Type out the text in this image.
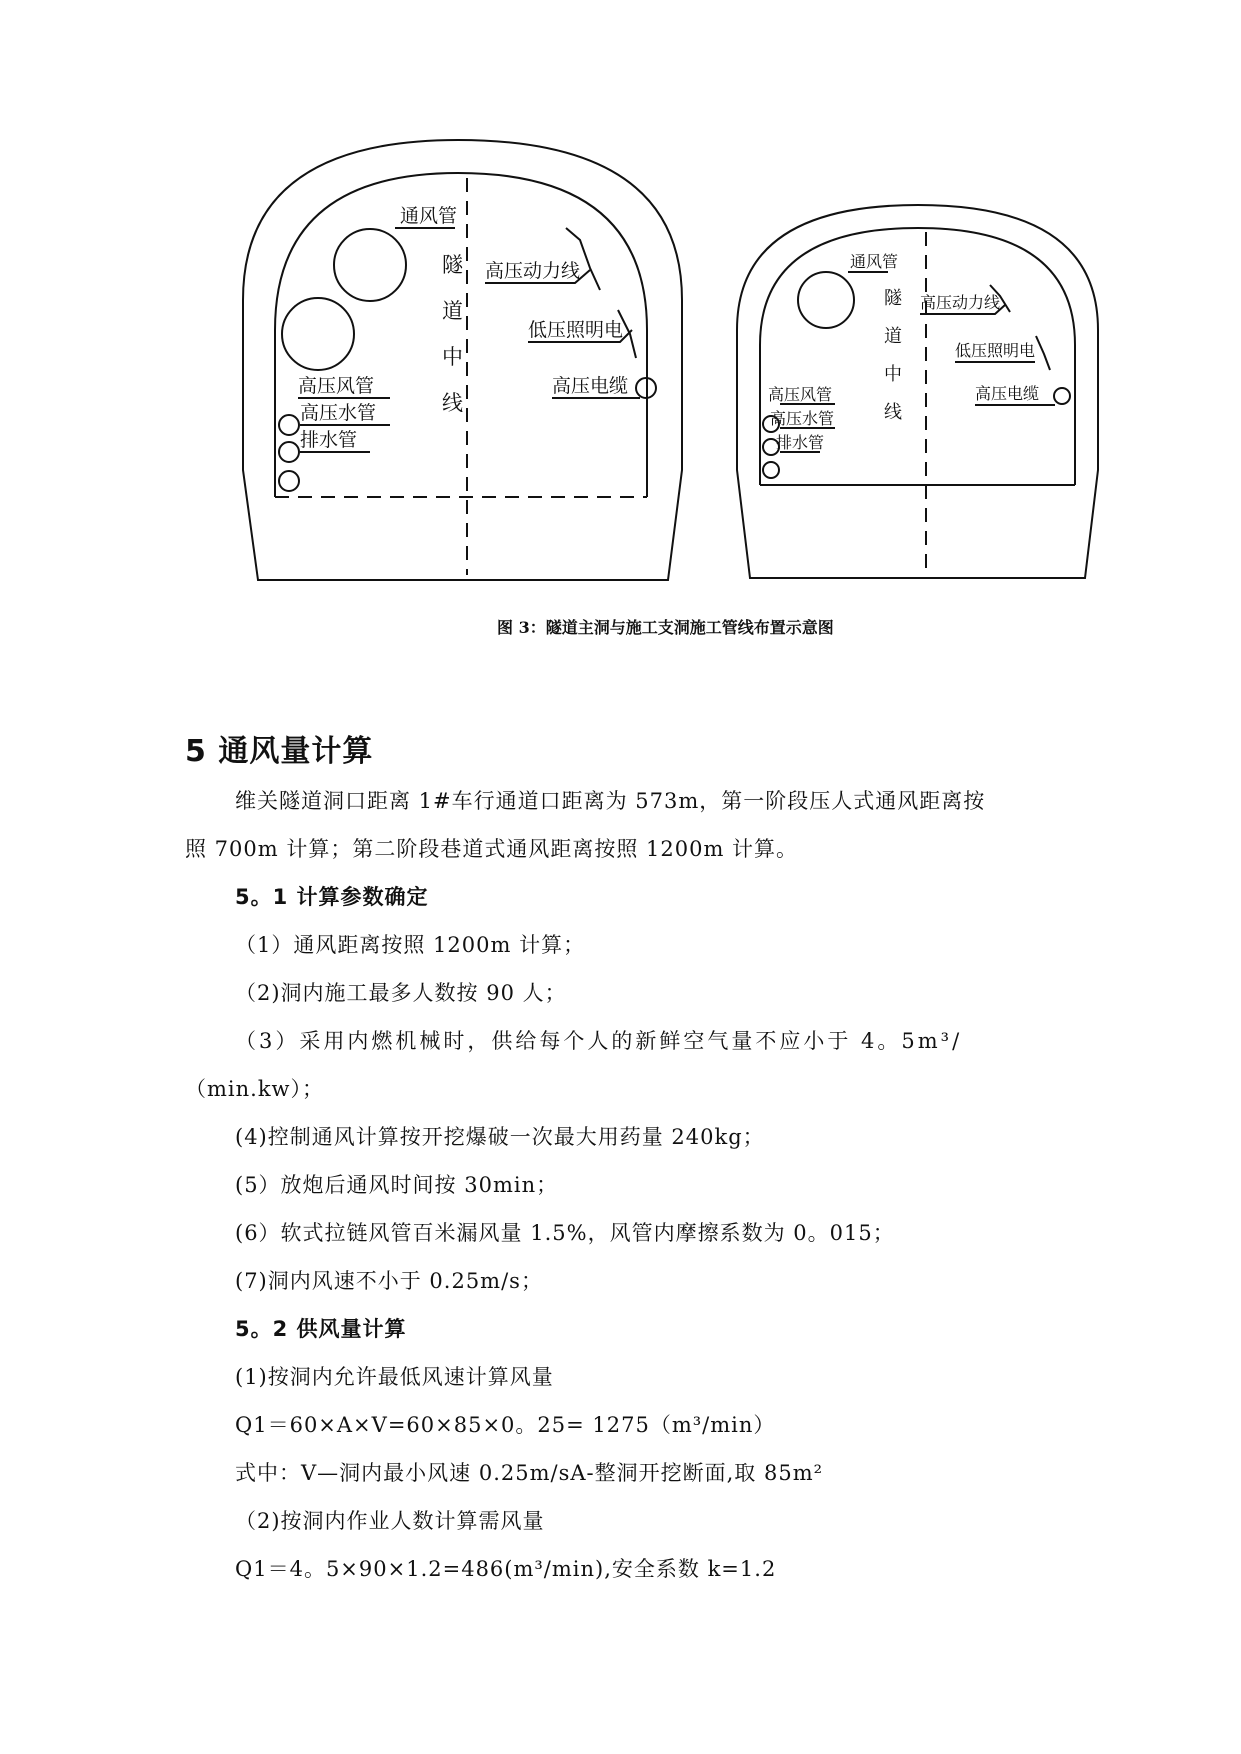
通风管
隧
道
中
线
高压动力线
低压照明电
高压电缆
高压风管
高压水管
排水管
通风管
隧
道
中
线
高压动力线
低压照明电
高压电缆
高压风管
高压水管
排水管
图 3：隧道主洞与施工支洞施工管线布置示意图
5 通风量计算
维关隧道洞口距离 1#车行通道口距离为 573m，第一阶段压人式通风距离按
照 700m 计算；第二阶段巷道式通风距离按照 1200m 计算。
5。1 计算参数确定
（1）通风距离按照 1200m 计算；
（2)洞内施工最多人数按 90 人；
（3）采用内燃机械时，供给每个人的新鲜空气量不应小于 4。5m³/
（min.kw）；
(4)控制通风计算按开挖爆破一次最大用药量 240kg；
(5）放炮后通风时间按 30min；
(6）软式拉链风管百米漏风量 1.5%，风管内摩擦系数为 0。015；
(7)洞内风速不小于 0.25m/s；
5。2 供风量计算
(1)按洞内允许最低风速计算风量
Q1＝60×A×V=60×85×0。25= 1275（m³/min）
式中：V—洞内最小风速 0.25m/sA-整洞开挖断面,取 85m²
（2)按洞内作业人数计算需风量
Q1＝4。5×90×1.2=486(m³/min),安全系数 k=1.2
